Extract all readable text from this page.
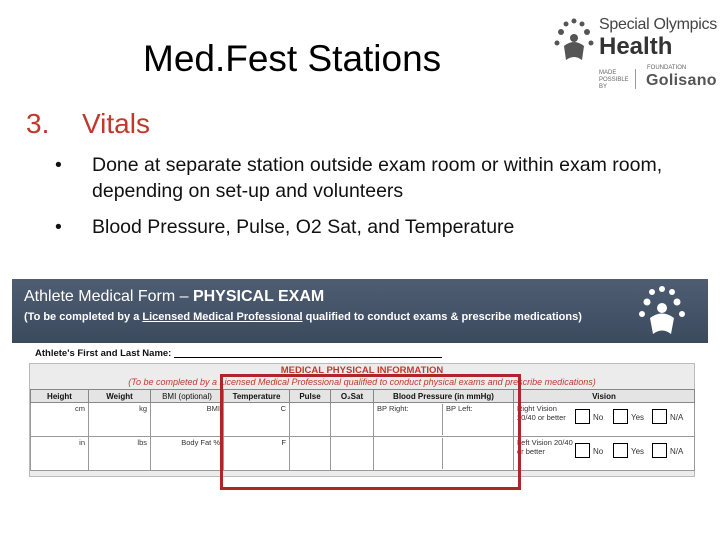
Med.Fest Stations
Special Olympics
Health
MADE POSSIBLE BY
FOUNDATION
Golisano
3. Vitals
• Done at separate station outside exam room or within exam room, depending on set-up and volunteers
• Blood Pressure, Pulse, O2 Sat, and Temperature
Athlete Medical Form – PHYSICAL EXAM
(To be completed by a Licensed Medical Professional qualified to conduct exams & prescribe medications)
Athlete's First and Last Name:
MEDICAL PHYSICAL INFORMATION
(To be completed by a Licensed Medical Professional qualified to conduct physical exams and prescribe medications)
Height	Weight	BMI (optional)	Temperature	Pulse	O₂Sat	Blood Pressure (in mmHg)	Vision
cm	kg	BMI	C			BP Right: BP Left:	Right Vision 20/40 or better No Yes N/A

in	lbs	Body Fat %	F				Left Vision 20/40 or better No Yes N/A
